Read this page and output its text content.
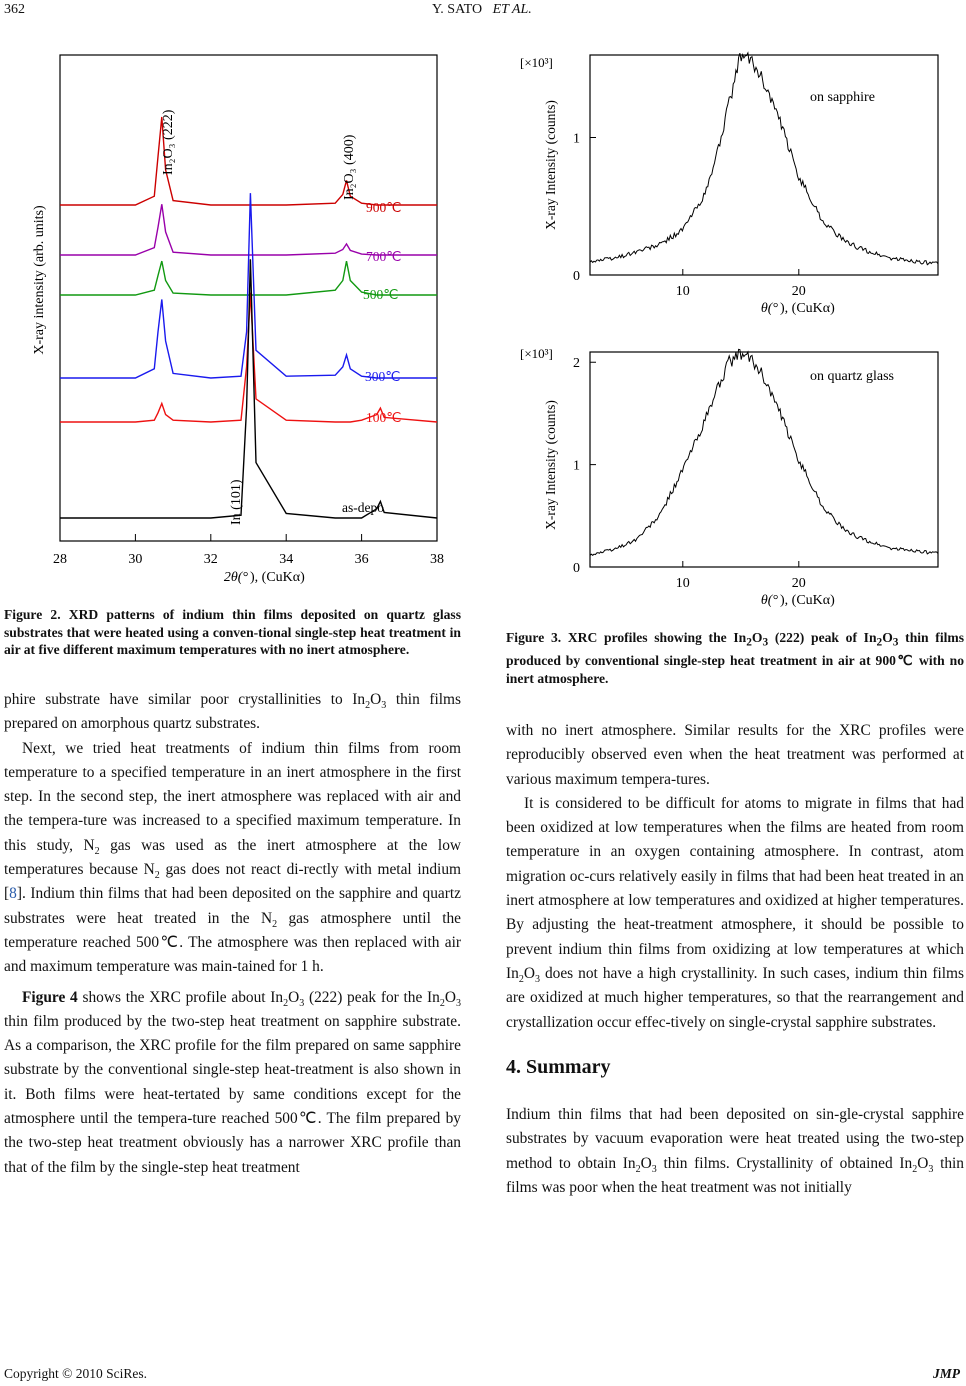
362	Y. SATO ET AL.
28	30	32	34	36	38
X-ray intensity (arb. units)
2θ(° ), (CuKα)
In₂O₃ (222)	In₂O₃ (400)
In (101)
900℃
700℃
500℃
300℃
100℃
as-depo
[×10³]
X-ray Intensity (counts)
on sapphire
θ(° ), (CuKα)
10	20
0
1
[×10³]
X-ray Intensity (counts)
on quartz glass
θ(° ), (CuKα)
10	20
0
1
2
Figure 2. XRD patterns of indium thin films deposited on quartz glass substrates that were heated using a conven-tional single-step heat treatment in air at five different maximum temperatures with no inert atmosphere.
Figure 3. XRC profiles showing the $In_2O_3$ (222) peak of $In_2O_3$ thin films produced by conventional single-step heat treatment in air at 900℃ with no inert atmosphere.

phire substrate have similar poor crystallinities to $In_2O_3$ thin films prepared on amorphous quartz substrates.

Next, we tried heat treatments of indium thin films from room temperature to a specified temperature in an inert atmosphere in the first step. In the second step, the inert atmosphere was replaced with air and the tempera-ture was increased to a specified maximum temperature. In this study, $N_2$ gas was used as the inert atmosphere at the low temperatures because $N_2$ gas does not react di-rectly with metal indium [8]. Indium thin films that had been deposited on the sapphire and quartz substrates were heat treated in the $N_2$ gas atmosphere until the temperature reached 500℃. The atmosphere was then replaced with air and maximum temperature was main-tained for 1 h.

Figure 4 shows the XRC profile about $In_2O_3$ (222) peak for the $In_2O_3$ thin film produced by the two-step heat treatment on sapphire substrate. As a comparison, the XRC profile for the film prepared on same sapphire substrate by the conventional single-step heat-treatment is also shown in it. Both films were heat-tertated by same conditions except for the atmosphere until the tempera-ture reached 500℃. The film prepared by the two-step heat treatment obviously has a narrower XRC profile than that of the film by the single-step heat treatment

with no inert atmosphere. Similar results for the XRC profiles were reproducibly observed even when the heat treatment was performed at various maximum tempera-tures.

It is considered to be difficult for atoms to migrate in films that had been oxidized at low temperatures when the films are heated from room temperature in an oxygen containing atmosphere. In contrast, atom migration oc-curs relatively easily in films that had been heat treated in an inert atmosphere at low temperatures and oxidized at higher temperatures. By adjusting the heat-treatment atmosphere, it should be possible to prevent indium thin films from oxidizing at low temperatures at which $In_2O_3$ does not have a high crystallinity. In such cases, indium thin films are oxidized at much higher temperatures, so that the rearrangement and crystallization occur effec-tively on single-crystal sapphire substrates.

4. Summary

Indium thin films that had been deposited on sin-gle-crystal sapphire substrates by vacuum evaporation were heat treated using the two-step method to obtain $In_2O_3$ thin films. Crystallinity of obtained $In_2O_3$ thin films was poor when the heat treatment was not initially

Copyright © 2010 SciRes.	JMP
